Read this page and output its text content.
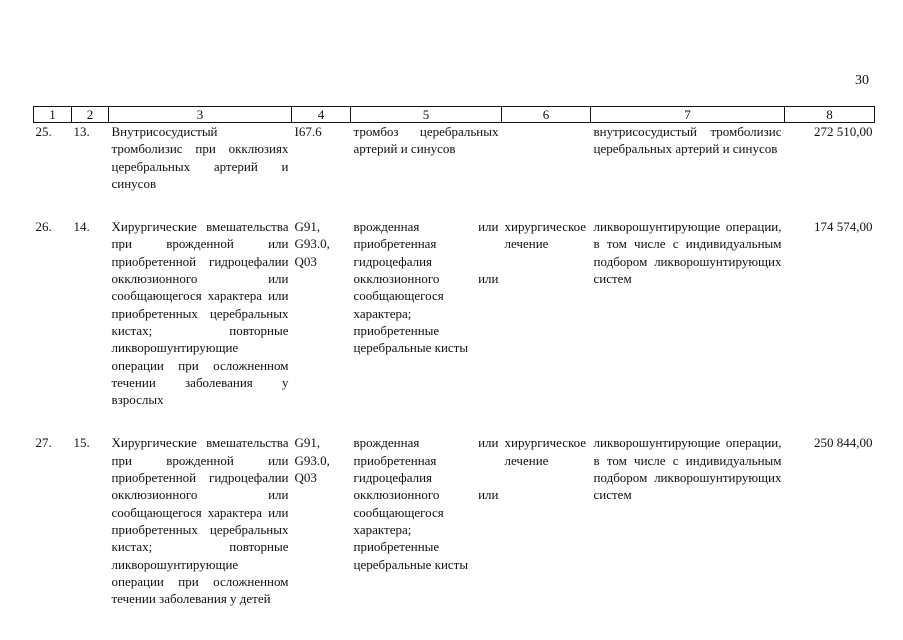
30
1	2	3	4	5	6	7	8
25.	13.	Внутрисосудистый тромболизис при окклюзиях церебральных артерий и синусов	I67.6	тромбоз церебральных артерий и синусов		внутрисосудистый тромболизис церебральных артерий и синусов	272 510,00
26.	14.	Хирургические вмешательства при врожденной или приобретенной гидроцефалии окклюзионного или сообщающегося характера или приобретенных церебральных кистах; повторные ликворошунтирующие операции при осложненном течении заболевания у взрослых	G91, G93.0, Q03	врожденная или приобретенная гидроцефалия окклюзионного или сообщающегося характера; приобретенные церебральные кисты	хирургическое лечение	ликворошунтирующие операции, в том числе с индивидуальным подбором ликворошунтирующих систем	174 574,00
27.	15.	Хирургические вмешательства при врожденной или приобретенной гидроцефалии окклюзионного или сообщающегося характера или приобретенных церебральных кистах; повторные ликворошунтирующие операции при осложненном течении заболевания у детей	G91, G93.0, Q03	врожденная или приобретенная гидроцефалия окклюзионного или сообщающегося характера; приобретенные церебральные кисты	хирургическое лечение	ликворошунтирующие операции, в том числе с индивидуальным подбором ликворошунтирующих систем	250 844,00
